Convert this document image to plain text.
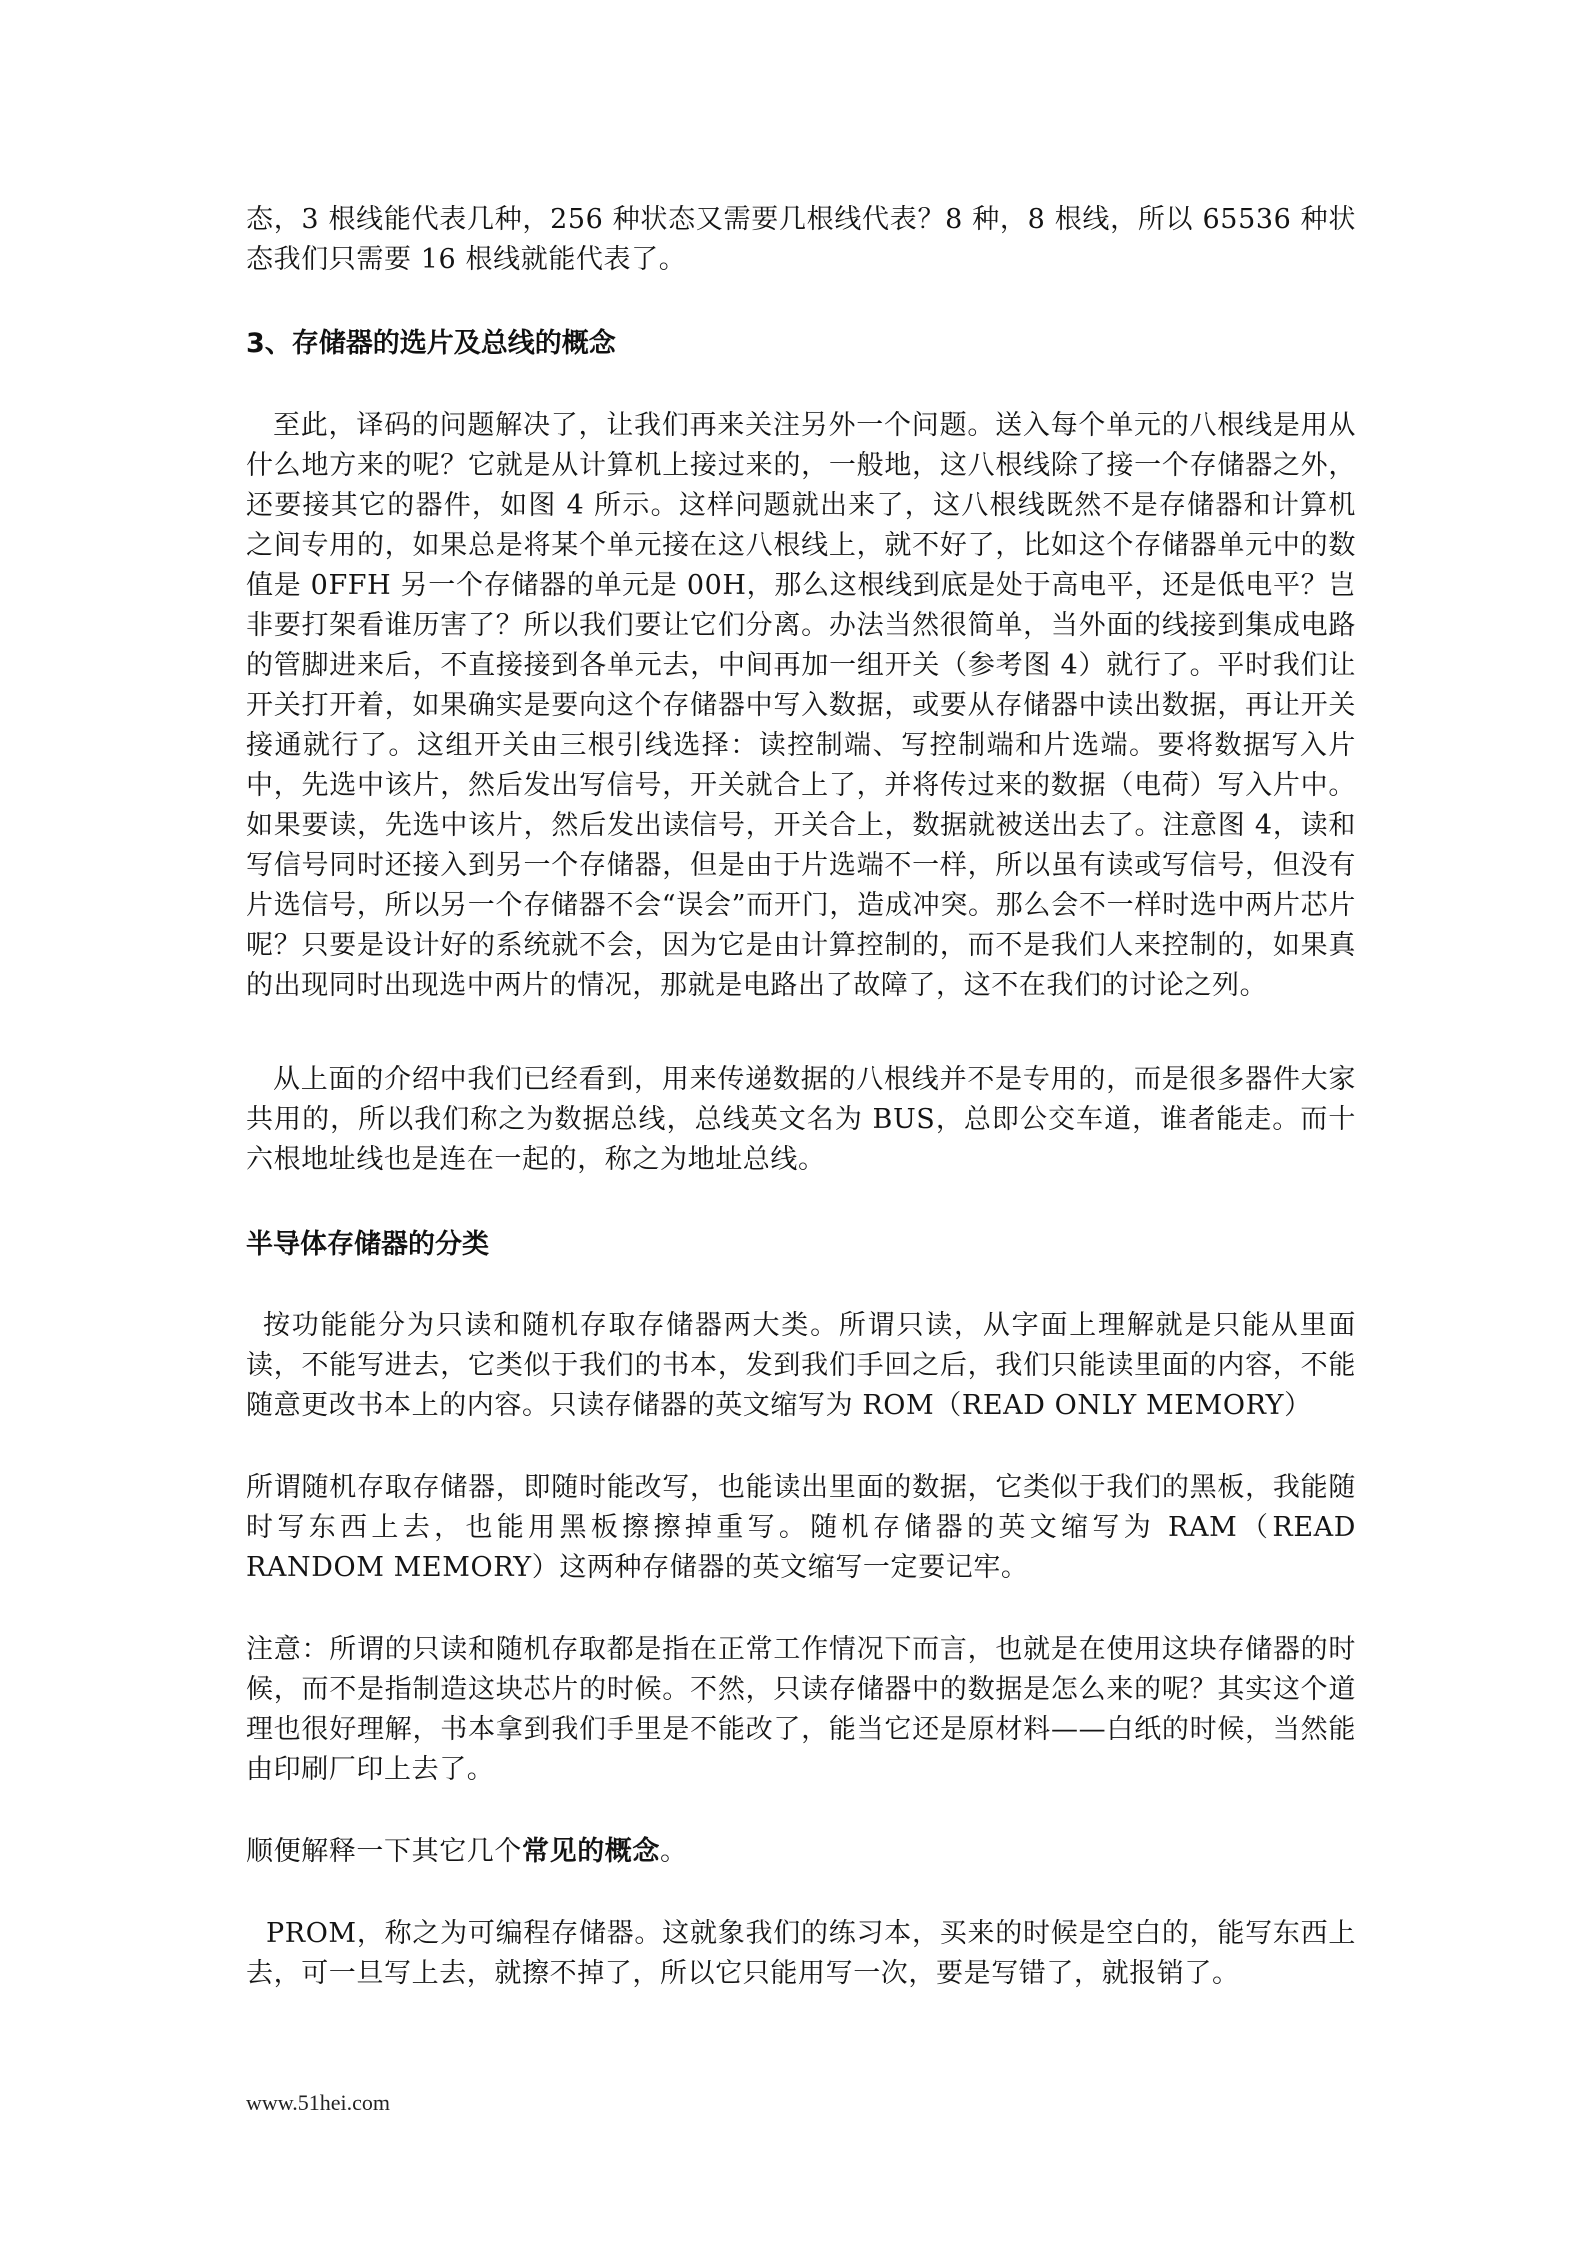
态，3 根线能代表几种，256 种状态又需要几根线代表？8 种，8 根线，所以 65536 种状态我们只需要 16 根线就能代表了。

3、存储器的选片及总线的概念

至此，译码的问题解决了，让我们再来关注另外一个问题。送入每个单元的八根线是用从什么地方来的呢？它就是从计算机上接过来的，一般地，这八根线除了接一个存储器之外，还要接其它的器件，如图 4 所示。这样问题就出来了，这八根线既然不是存储器和计算机之间专用的，如果总是将某个单元接在这八根线上，就不好了，比如这个存储器单元中的数值是 0FFH 另一个存储器的单元是 00H，那么这根线到底是处于高电平，还是低电平？岂非要打架看谁历害了？所以我们要让它们分离。办法当然很简单，当外面的线接到集成电路的管脚进来后，不直接接到各单元去，中间再加一组开关（参考图 4）就行了。平时我们让开关打开着，如果确实是要向这个存储器中写入数据，或要从存储器中读出数据，再让开关接通就行了。这组开关由三根引线选择：读控制端、写控制端和片选端。要将数据写入片中，先选中该片，然后发出写信号，开关就合上了，并将传过来的数据（电荷）写入片中。如果要读，先选中该片，然后发出读信号，开关合上，数据就被送出去了。注意图 4，读和写信号同时还接入到另一个存储器，但是由于片选端不一样，所以虽有读或写信号，但没有片选信号，所以另一个存储器不会“误会”而开门，造成冲突。那么会不一样时选中两片芯片呢？只要是设计好的系统就不会，因为它是由计算控制的，而不是我们人来控制的，如果真的出现同时出现选中两片的情况，那就是电路出了故障了，这不在我们的讨论之列。

从上面的介绍中我们已经看到，用来传递数据的八根线并不是专用的，而是很多器件大家共用的，所以我们称之为数据总线，总线英文名为 BUS，总即公交车道，谁者能走。而十六根地址线也是连在一起的，称之为地址总线。

半导体存储器的分类

按功能能分为只读和随机存取存储器两大类。所谓只读，从字面上理解就是只能从里面读，不能写进去，它类似于我们的书本，发到我们手回之后，我们只能读里面的内容，不能随意更改书本上的内容。只读存储器的英文缩写为 ROM（READ ONLY MEMORY）

所谓随机存取存储器，即随时能改写，也能读出里面的数据，它类似于我们的黑板，我能随时写东西上去，也能用黑板擦擦掉重写。随机存储器的英文缩写为 RAM（READ RANDOM MEMORY）这两种存储器的英文缩写一定要记牢。

注意：所谓的只读和随机存取都是指在正常工作情况下而言，也就是在使用这块存储器的时候，而不是指制造这块芯片的时候。不然，只读存储器中的数据是怎么来的呢？其实这个道理也很好理解，书本拿到我们手里是不能改了，能当它还是原材料——白纸的时候，当然能由印刷厂印上去了。

顺便解释一下其它几个常见的概念。

PROM，称之为可编程存储器。这就象我们的练习本，买来的时候是空白的，能写东西上去，可一旦写上去，就擦不掉了，所以它只能用写一次，要是写错了，就报销了。

www.51hei.com
